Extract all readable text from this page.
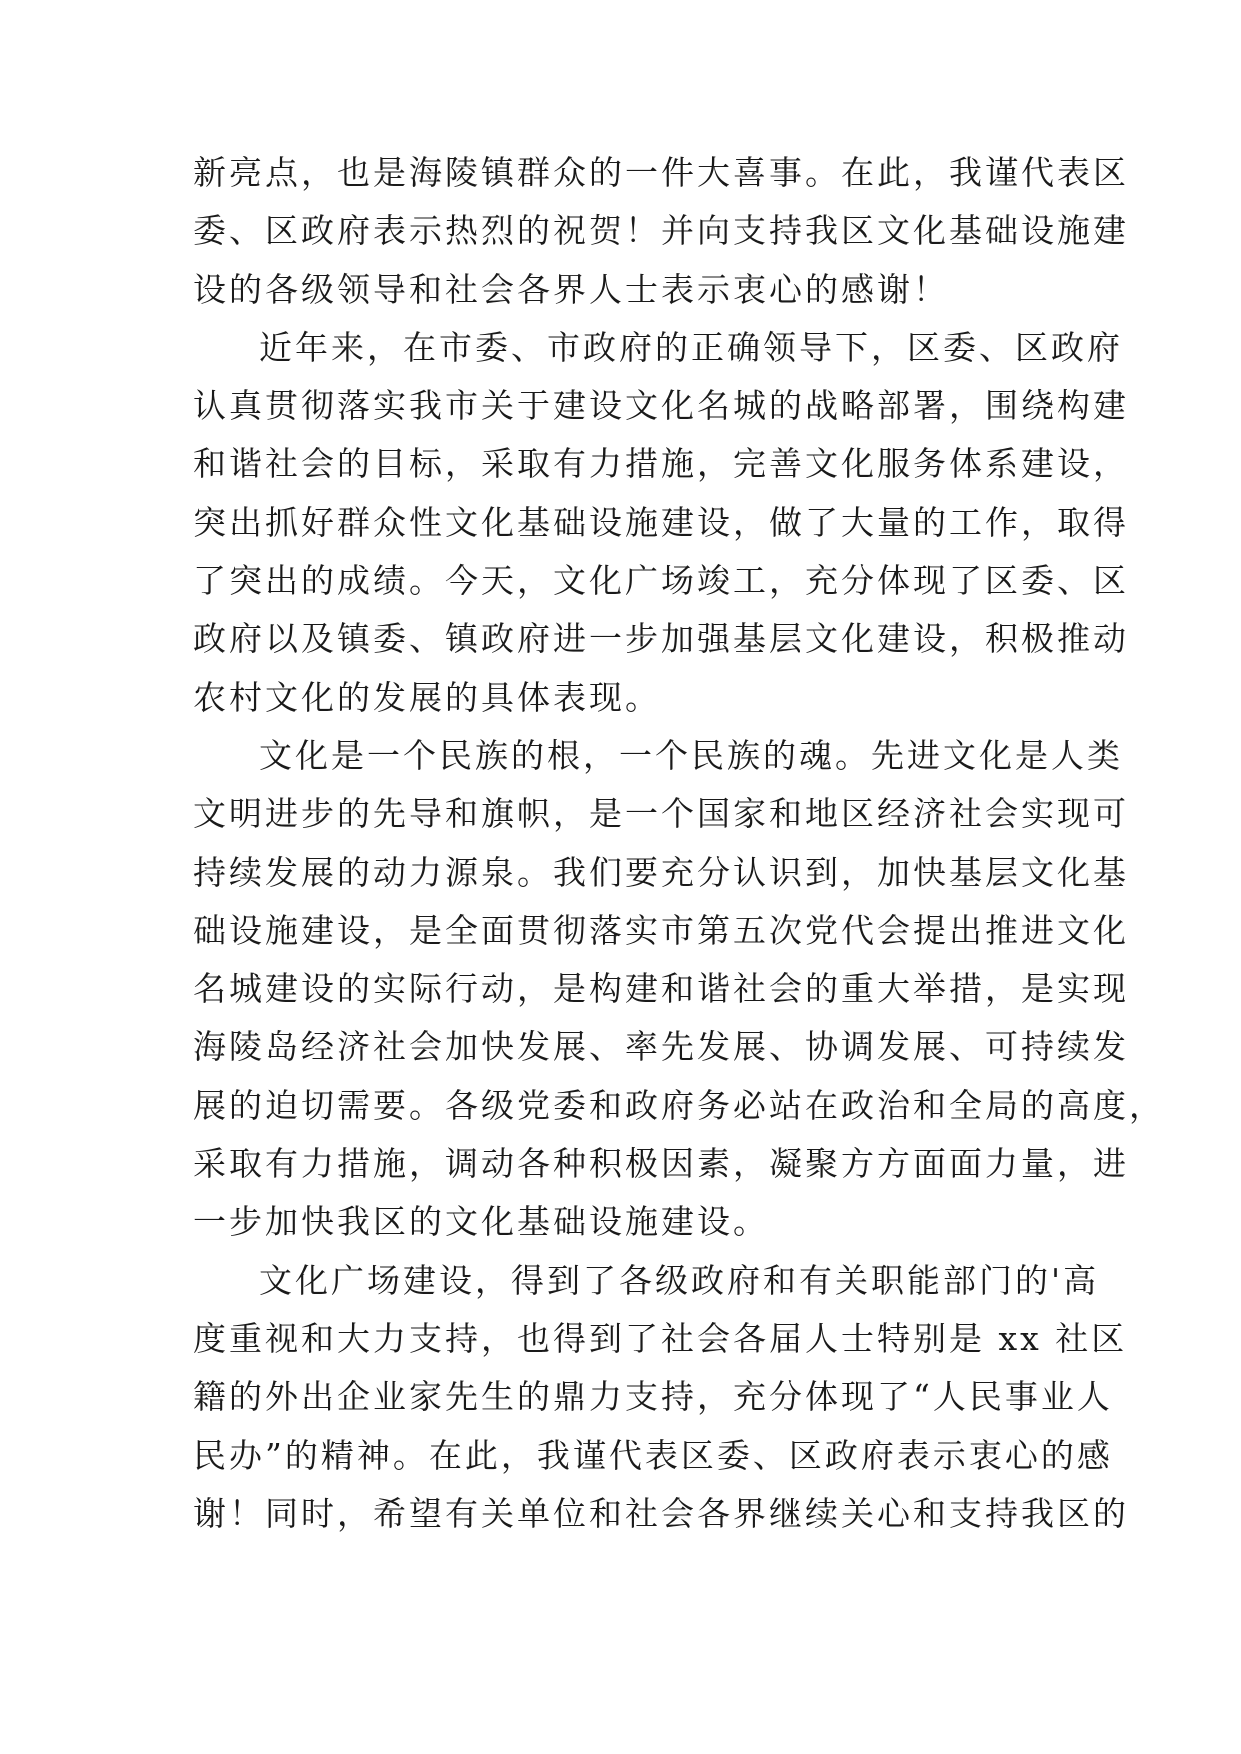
新亮点，也是海陵镇群众的一件大喜事。在此，我谨代表区
委、区政府表示热烈的祝贺！并向支持我区文化基础设施建
设的各级领导和社会各界人士表示衷心的感谢！
近年来，在市委、市政府的正确领导下，区委、区政府
认真贯彻落实我市关于建设文化名城的战略部署，围绕构建
和谐社会的目标，采取有力措施，完善文化服务体系建设，
突出抓好群众性文化基础设施建设，做了大量的工作，取得
了突出的成绩。今天，文化广场竣工，充分体现了区委、区
政府以及镇委、镇政府进一步加强基层文化建设，积极推动
农村文化的发展的具体表现。
文化是一个民族的根，一个民族的魂。先进文化是人类
文明进步的先导和旗帜，是一个国家和地区经济社会实现可
持续发展的动力源泉。我们要充分认识到，加快基层文化基
础设施建设，是全面贯彻落实市第五次党代会提出推进文化
名城建设的实际行动，是构建和谐社会的重大举措，是实现
海陵岛经济社会加快发展、率先发展、协调发展、可持续发
展的迫切需要。各级党委和政府务必站在政治和全局的高度，
采取有力措施，调动各种积极因素，凝聚方方面面力量，进
一步加快我区的文化基础设施建设。
文化广场建设，得到了各级政府和有关职能部门的'高
度重视和大力支持，也得到了社会各届人士特别是 xx 社区
籍的外出企业家先生的鼎力支持，充分体现了“人民事业人
民办”的精神。在此，我谨代表区委、区政府表示衷心的感
谢！同时，希望有关单位和社会各界继续关心和支持我区的
